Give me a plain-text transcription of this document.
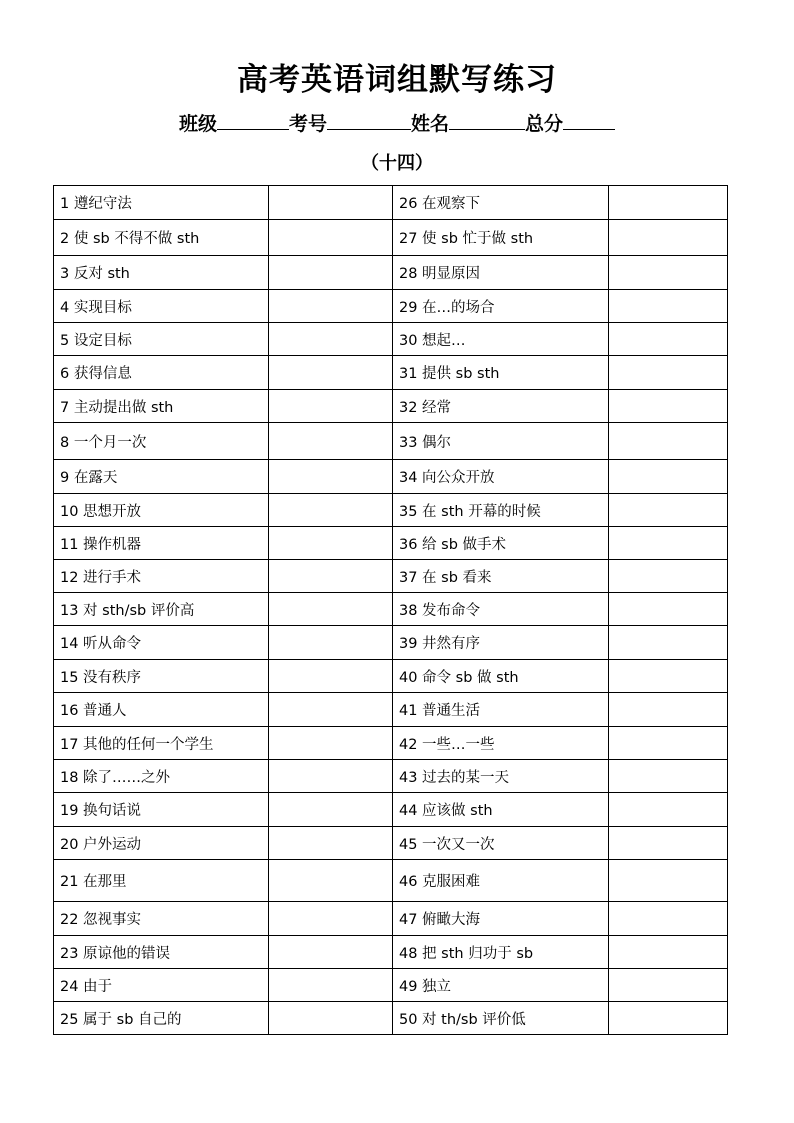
高考英语词组默写练习
班级	考号	姓名	总分
（十四）
1 遵纪守法		26 在观察下	
2 使 sb 不得不做 sth		27 使 sb 忙于做 sth	
3 反对 sth		28 明显原因	
4 实现目标		29 在…的场合	
5 设定目标		30 想起…	
6 获得信息		31 提供 sb sth	
7 主动提出做 sth		32 经常	
8 一个月一次		33 偶尔	
9 在露天		34 向公众开放	
10 思想开放		35 在 sth 开幕的时候	
11 操作机器		36 给 sb 做手术	
12 进行手术		37 在 sb 看来	
13 对 sth/sb 评价高		38 发布命令	
14 听从命令		39 井然有序	
15 没有秩序		40 命令 sb 做 sth	
16 普通人		41 普通生活	
17 其他的任何一个学生		42 一些…一些	
18 除了……之外		43 过去的某一天	
19 换句话说		44 应该做 sth	
20 户外运动		45 一次又一次	
21 在那里		46 克服困难	
22 忽视事实		47 俯瞰大海	
23 原谅他的错误		48 把 sth 归功于 sb	
24 由于		49 独立	
25 属于 sb 自己的		50 对 th/sb 评价低	
